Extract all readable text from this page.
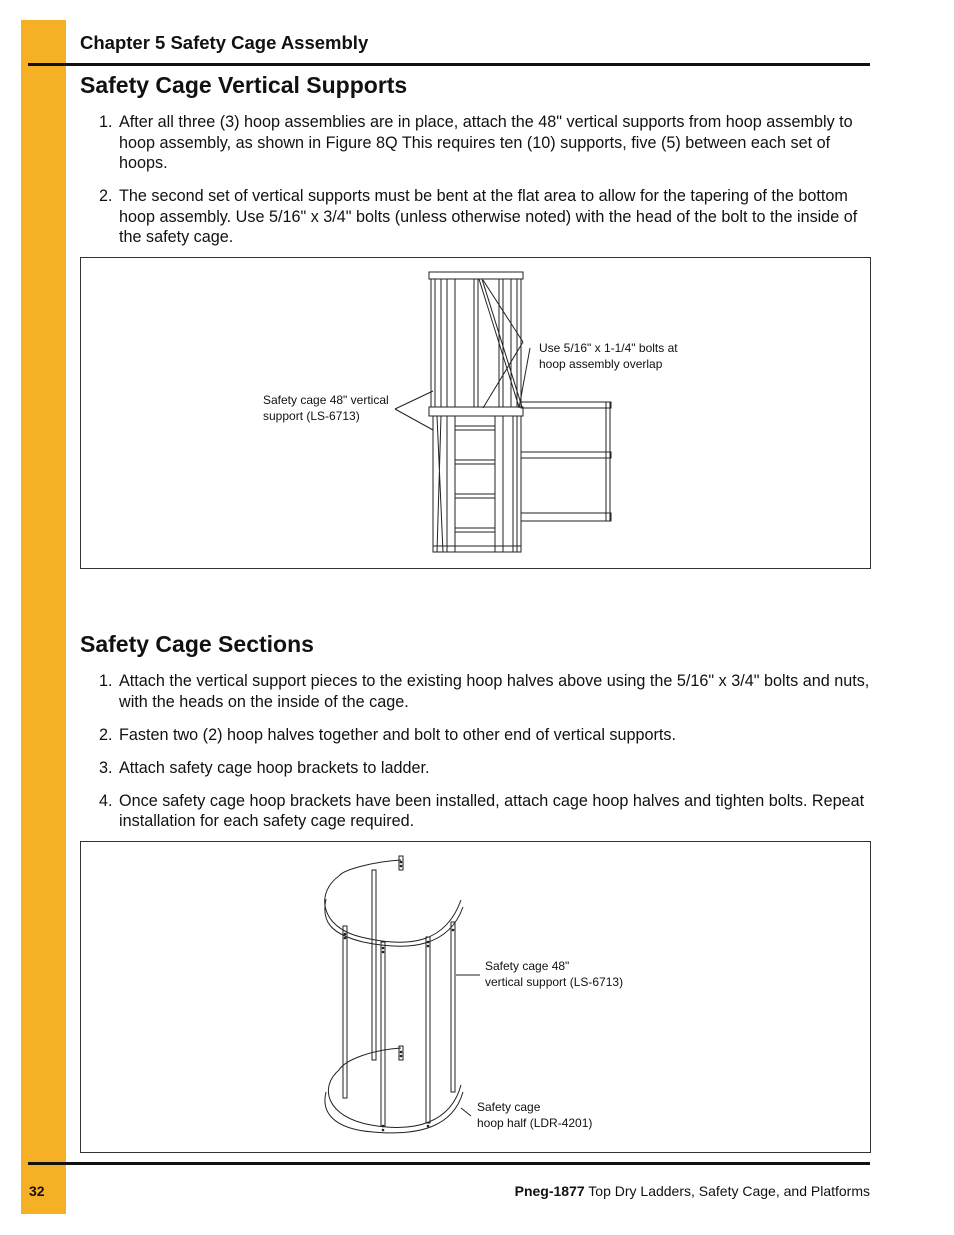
Chapter 5 Safety Cage Assembly
Safety Cage Vertical Supports
1. After all three (3) hoop assemblies are in place, attach the 48" vertical supports from hoop assembly to hoop assembly, as shown in Figure 8Q This requires ten (10) supports, five (5) between each set of hoops.
2. The second set of vertical supports must be bent at the flat area to allow for the tapering of the bottom hoop assembly. Use 5/16" x 3/4" bolts (unless otherwise noted) with the head of the bolt to the inside of the safety cage.
Use 5/16" x 1-1/4" bolts at
hoop assembly overlap
Safety cage 48" vertical
support (LS-6713)
Safety Cage Sections
1. Attach the vertical support pieces to the existing hoop halves above using the 5/16" x 3/4" bolts and nuts, with the heads on the inside of the cage.
2. Fasten two (2) hoop halves together and bolt to other end of vertical supports.
3. Attach safety cage hoop brackets to ladder.
4. Once safety cage hoop brackets have been installed, attach cage hoop halves and tighten bolts. Repeat installation for each safety cage required.
Safety cage 48"
vertical support (LS-6713)
Safety cage
hoop half (LDR-4201)
32	Pneg-1877 Top Dry Ladders, Safety Cage, and Platforms
